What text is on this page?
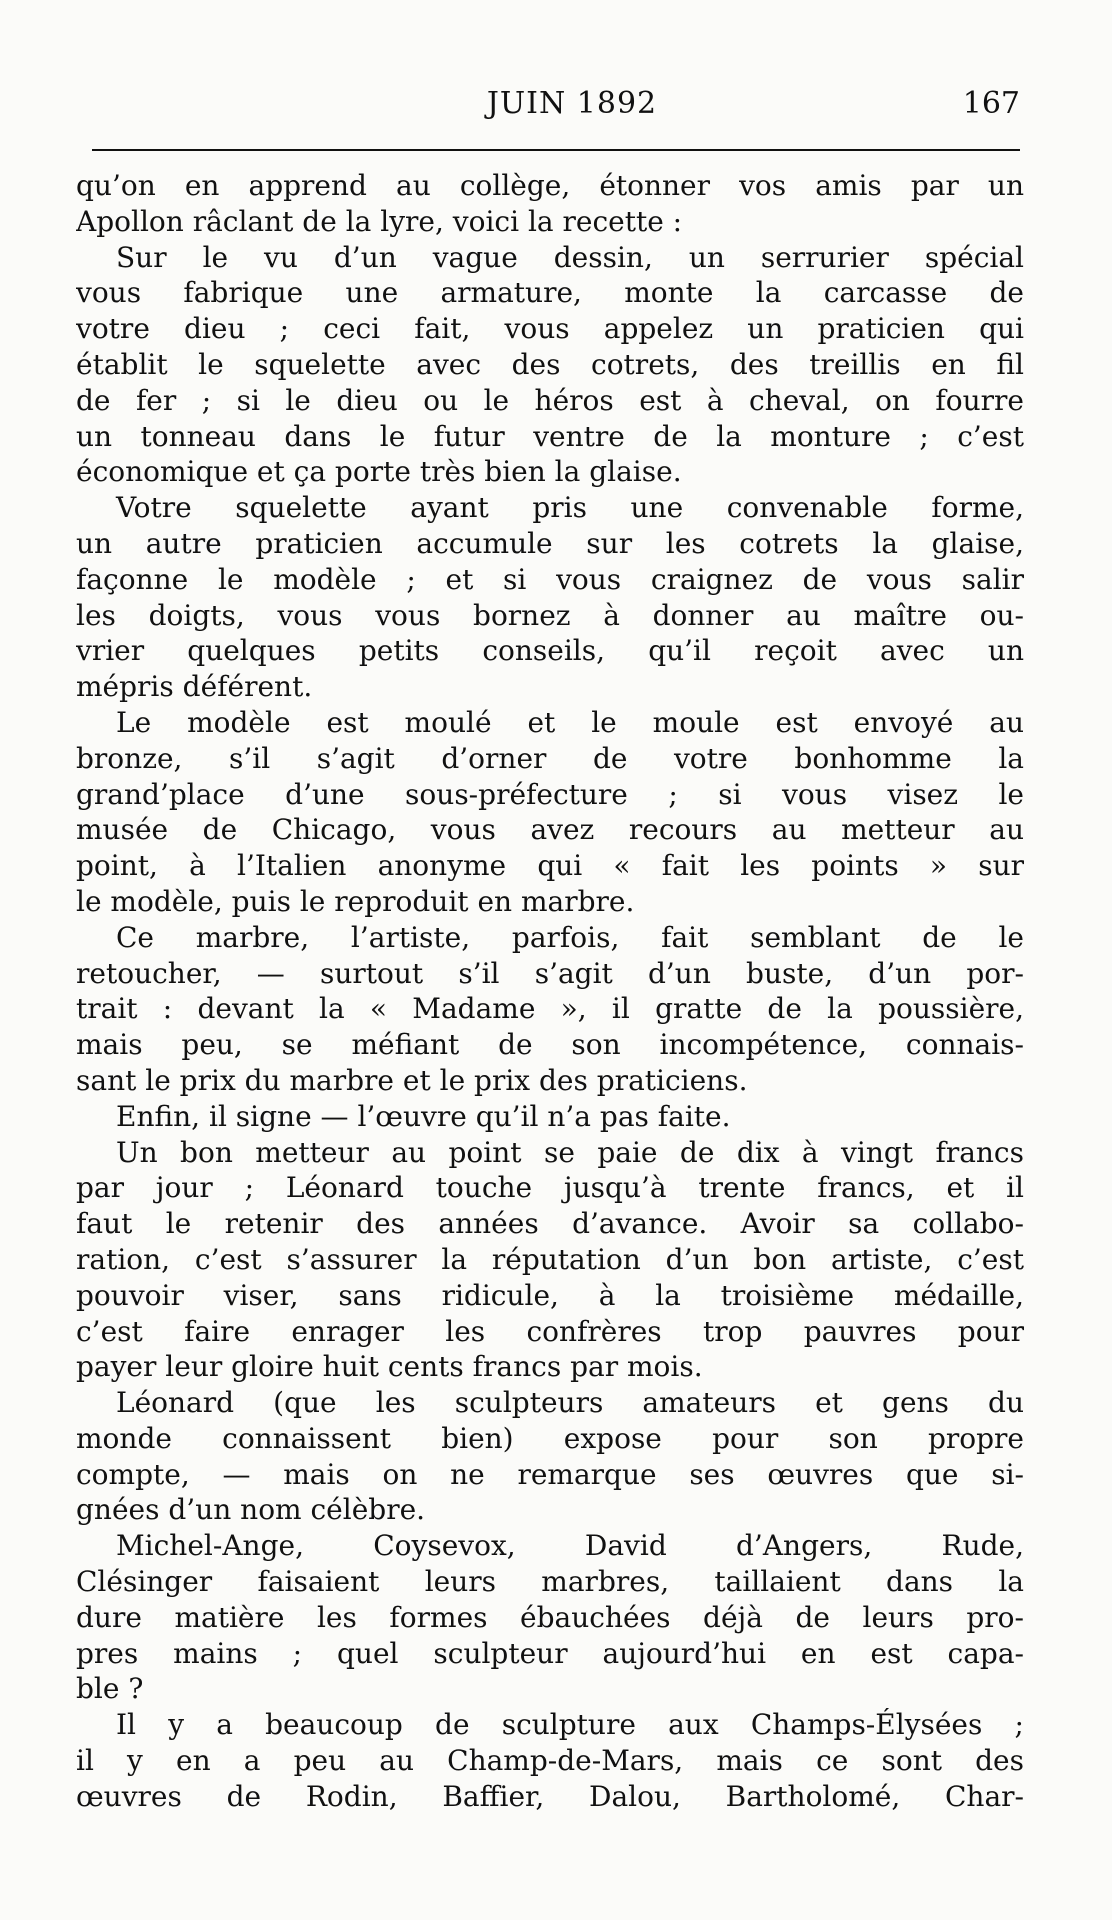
JUIN 1892	167
qu’on en apprend au collège, étonner vos amis par un
Apollon râclant de la lyre, voici la recette :
Sur le vu d’un vague dessin, un serrurier spécial
vous fabrique une armature, monte la carcasse de
votre dieu ; ceci fait, vous appelez un praticien qui
établit le squelette avec des cotrets, des treillis en fil
de fer ; si le dieu ou le héros est à cheval, on fourre
un tonneau dans le futur ventre de la monture ; c’est
économique et ça porte très bien la glaise.
Votre squelette ayant pris une convenable forme,
un autre praticien accumule sur les cotrets la glaise,
façonne le modèle ; et si vous craignez de vous salir
les doigts, vous vous bornez à donner au maître ou-
vrier quelques petits conseils, qu’il reçoit avec un
mépris déférent.
Le modèle est moulé et le moule est envoyé au
bronze, s’il s’agit d’orner de votre bonhomme la
grand’place d’une sous-préfecture ; si vous visez le
musée de Chicago, vous avez recours au metteur au
point, à l’Italien anonyme qui « fait les points » sur
le modèle, puis le reproduit en marbre.
Ce marbre, l’artiste, parfois, fait semblant de le
retoucher, — surtout s’il s’agit d’un buste, d’un por-
trait : devant la « Madame », il gratte de la poussière,
mais peu, se méfiant de son incompétence, connais-
sant le prix du marbre et le prix des praticiens.
Enfin, il signe — l’œuvre qu’il n’a pas faite.
Un bon metteur au point se paie de dix à vingt francs
par jour ; Léonard touche jusqu’à trente francs, et il
faut le retenir des années d’avance. Avoir sa collabo-
ration, c’est s’assurer la réputation d’un bon artiste, c’est
pouvoir viser, sans ridicule, à la troisième médaille,
c’est faire enrager les confrères trop pauvres pour
payer leur gloire huit cents francs par mois.
Léonard (que les sculpteurs amateurs et gens du
monde connaissent bien) expose pour son propre
compte, — mais on ne remarque ses œuvres que si-
gnées d’un nom célèbre.
Michel-Ange, Coysevox, David d’Angers, Rude,
Clésinger faisaient leurs marbres, taillaient dans la
dure matière les formes ébauchées déjà de leurs pro-
pres mains ; quel sculpteur aujourd’hui en est capa-
ble ?
Il y a beaucoup de sculpture aux Champs-Élysées ;
il y en a peu au Champ-de-Mars, mais ce sont des
œuvres de Rodin, Baffier, Dalou, Bartholomé, Char-
